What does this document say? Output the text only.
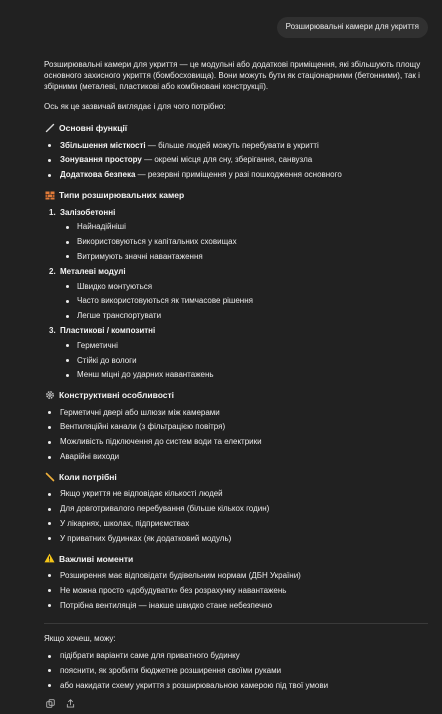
Розширювальні камери для укриття

Розширювальні камери для укриття — це модульні або додаткові приміщення, які збільшують площу основного захисного укриття (бомбосховища). Вони можуть бути як стаціонарними (бетонними), так і збірними (металеві, пластикові або комбіновані конструкції).

Ось як це зазвичай виглядає і для чого потрібно:

Основні функції
Збільшення місткості — більше людей можуть перебувати в укритті
Зонування простору — окремі місця для сну, зберігання, санвузла
Додаткова безпека — резервні приміщення у разі пошкодження основного
Типи розширювальних камер
1. Залізобетонні
Найнадійніші
Використовуються у капітальних сховищах
Витримують значні навантаження
2. Металеві модулі
Швидко монтуються
Часто використовуються як тимчасове рішення
Легше транспортувати
3. Пластикові / композитні
Герметичні
Стійкі до вологи
Менш міцні до ударних навантажень
Конструктивні особливості
Герметичні двері або шлюзи між камерами
Вентиляційні канали (з фільтрацією повітря)
Можливість підключення до систем води та електрики
Аварійні виходи
Коли потрібні
Якщо укриття не відповідає кількості людей
Для довготривалого перебування (більше кількох годин)
У лікарнях, школах, підприємствах
У приватних будинках (як додатковий модуль)
Важливі моменти
Розширення має відповідати будівельним нормам (ДБН України)
Не можна просто «добудувати» без розрахунку навантажень
Потрібна вентиляція — інакше швидко стане небезпечно

Якщо хочеш, можу:

підібрати варіанти саме для приватного будинку
пояснити, як зробити бюджетне розширення своїми руками
або накидати схему укриття з розширювальною камерою під твої умови
